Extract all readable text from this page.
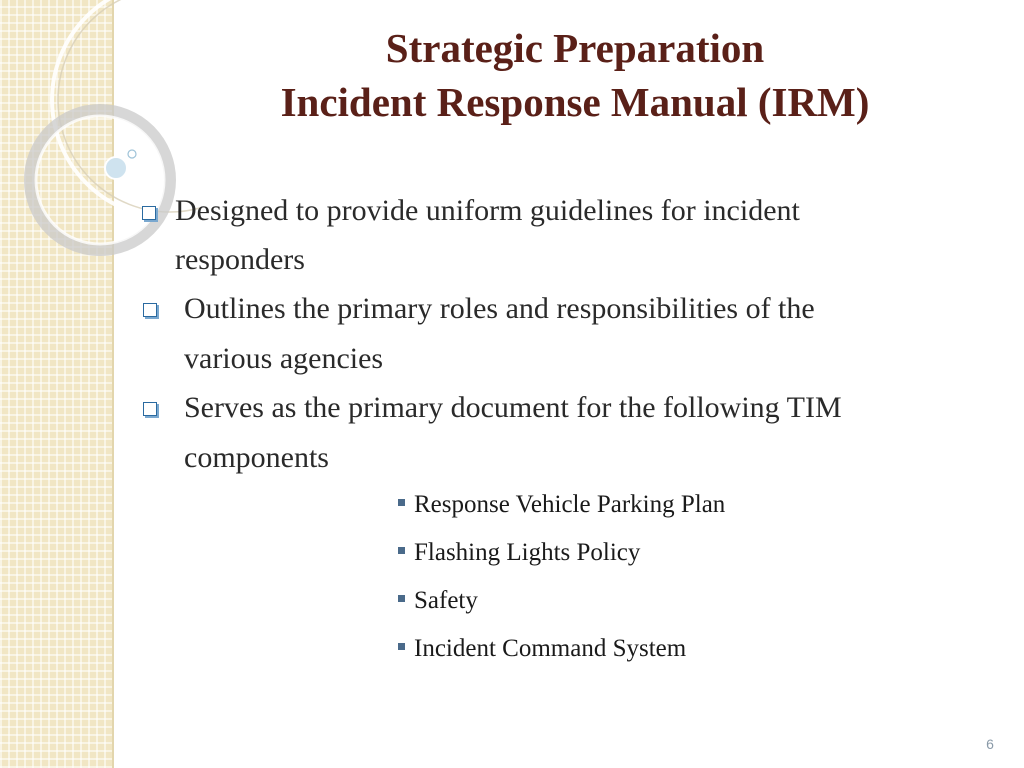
Strategic Preparation
Incident Response Manual (IRM)
Designed to provide uniform guidelines for incident
responders
Outlines the primary roles and responsibilities of the
various agencies
Serves as the primary document for the following TIM
components
Response Vehicle Parking Plan
Flashing Lights Policy
Safety
Incident Command System
6
